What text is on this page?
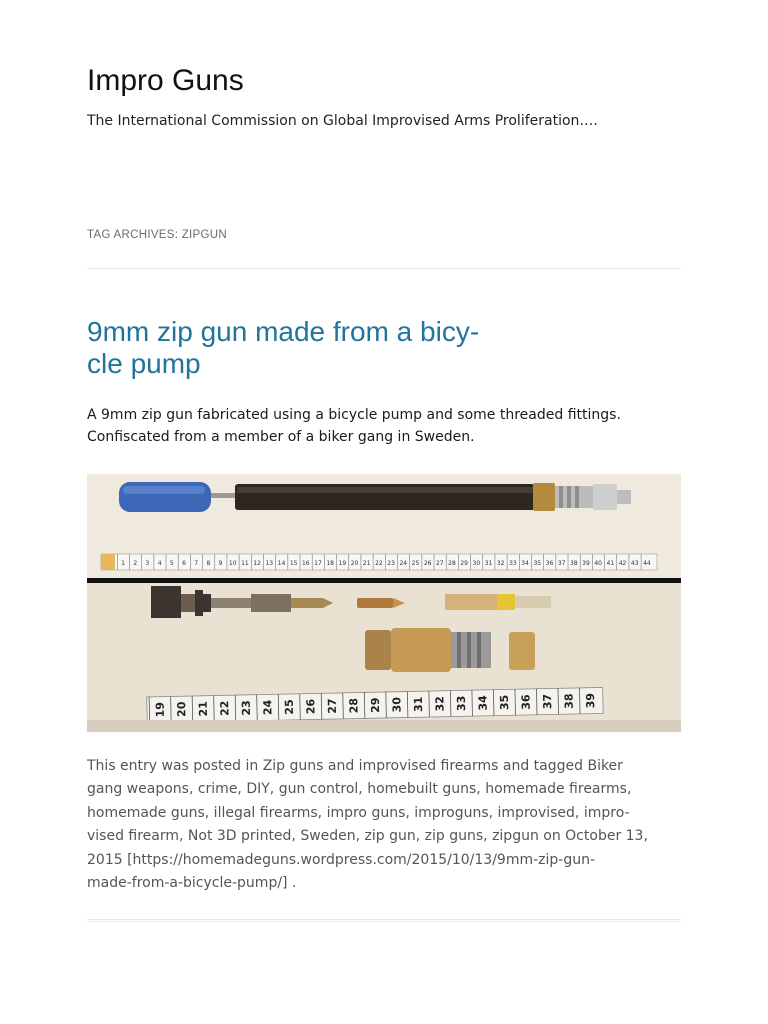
Impro Guns

The International Commission on Global Improvised Arms Proliferation….

TAG ARCHIVES: ZIPGUN

9mm zip gun made from a bicy-
cle pump
A 9mm zip gun fabricated using a bicycle pump and some threaded fittings.
Confiscated from a member of a biker gang in Sweden.
1 2 3 4 5 6 7 8 9 10 11 12 13 14 15 16 17 18 19 20 21 22 23 24 25 26 27 28 29 30 31 32 33 34 35 36 37 38 39 40 41 42 43 44
19 20 21 22 23 24 25 26 27 28 29 30 31 32 33 34 35 36 37 38 39
This entry was posted in Zip guns and improvised firearms and tagged Biker
gang weapons, crime, DIY, gun control, homebuilt guns, homemade firearms,
homemade guns, illegal firearms, impro guns, improguns, improvised, impro-
vised firearm, Not 3D printed, Sweden, zip gun, zip guns, zipgun on October 13,
2015 [https://homemadeguns.wordpress.com/2015/10/13/9mm-zip-gun-
made-from-a-bicycle-pump/] .
